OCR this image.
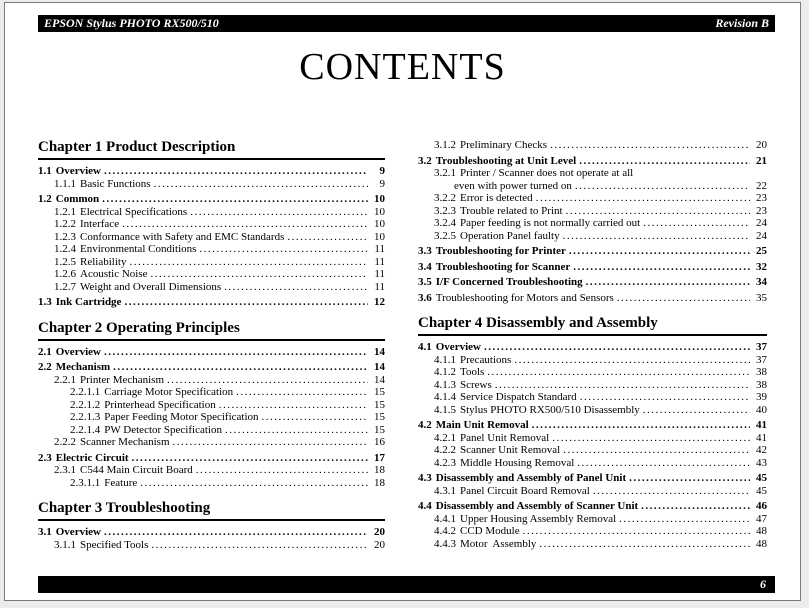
EPSON Stylus PHOTO RX500/510	Revision B
CONTENTS
Chapter 1 Product Description
1.1 Overview .....	9
1.1.1 Basic Functions .....	9
1.2 Common .....	10
1.2.1 Electrical Specifications .....	10
1.2.2 Interface .....	10
1.2.3 Conformance with Safety and EMC Standards .....	10
1.2.4 Environmental Conditions .....	11
1.2.5 Reliability .....	11
1.2.6 Acoustic Noise .....	11
1.2.7 Weight and Overall Dimensions .....	11
1.3 Ink Cartridge .....	12
Chapter 2 Operating Principles
2.1 Overview .....	14
2.2 Mechanism .....	14
2.2.1 Printer Mechanism .....	14
2.2.1.1 Carriage Motor Specification .....	15
2.2.1.2 Printerhead Specification .....	15
2.2.1.3 Paper Feeding Motor Specification .....	15
2.2.1.4 PW Detector Specification .....	15
2.2.2 Scanner Mechanism .....	16
2.3 Electric Circuit .....	17
2.3.1 C544 Main Circuit Board .....	18
2.3.1.1 Feature .....	18
Chapter 3 Troubleshooting
3.1 Overview .....	20
3.1.1 Specified Tools .....	20
3.1.2 Preliminary Checks .....	20
3.2 Troubleshooting at Unit Level .....	21
3.2.1 Printer / Scanner does not operate at all
even with power turned on .....	22
3.2.2 Error is detected .....	23
3.2.3 Trouble related to Print .....	23
3.2.4 Paper feeding is not normally carried out .....	24
3.2.5 Operation Panel faulty .....	24
3.3 Troubleshooting for Printer .....	25
3.4 Troubleshooting for Scanner .....	32
3.5 I/F Concerned Troubleshooting .....	34
3.6 Troubleshooting for Motors and Sensors .....	35
Chapter 4 Disassembly and Assembly
4.1 Overview .....	37
4.1.1 Precautions .....	37
4.1.2 Tools .....	38
4.1.3 Screws .....	38
4.1.4 Service Dispatch Standard .....	39
4.1.5 Stylus PHOTO RX500/510 Disassembly .....	40
4.2 Main Unit Removal .....	41
4.2.1 Panel Unit Removal .....	41
4.2.2 Scanner Unit Removal .....	42
4.2.3 Middle Housing Removal .....	43
4.3 Disassembly and Assembly of Panel Unit .....	45
4.3.1 Panel Circuit Board Removal .....	45
4.4 Disassembly and Assembly of Scanner Unit .....	46
4.4.1 Upper Housing Assembly Removal .....	47
4.4.2 CCD Module .....	48
4.4.3 Motor  Assembly .....	48
6
